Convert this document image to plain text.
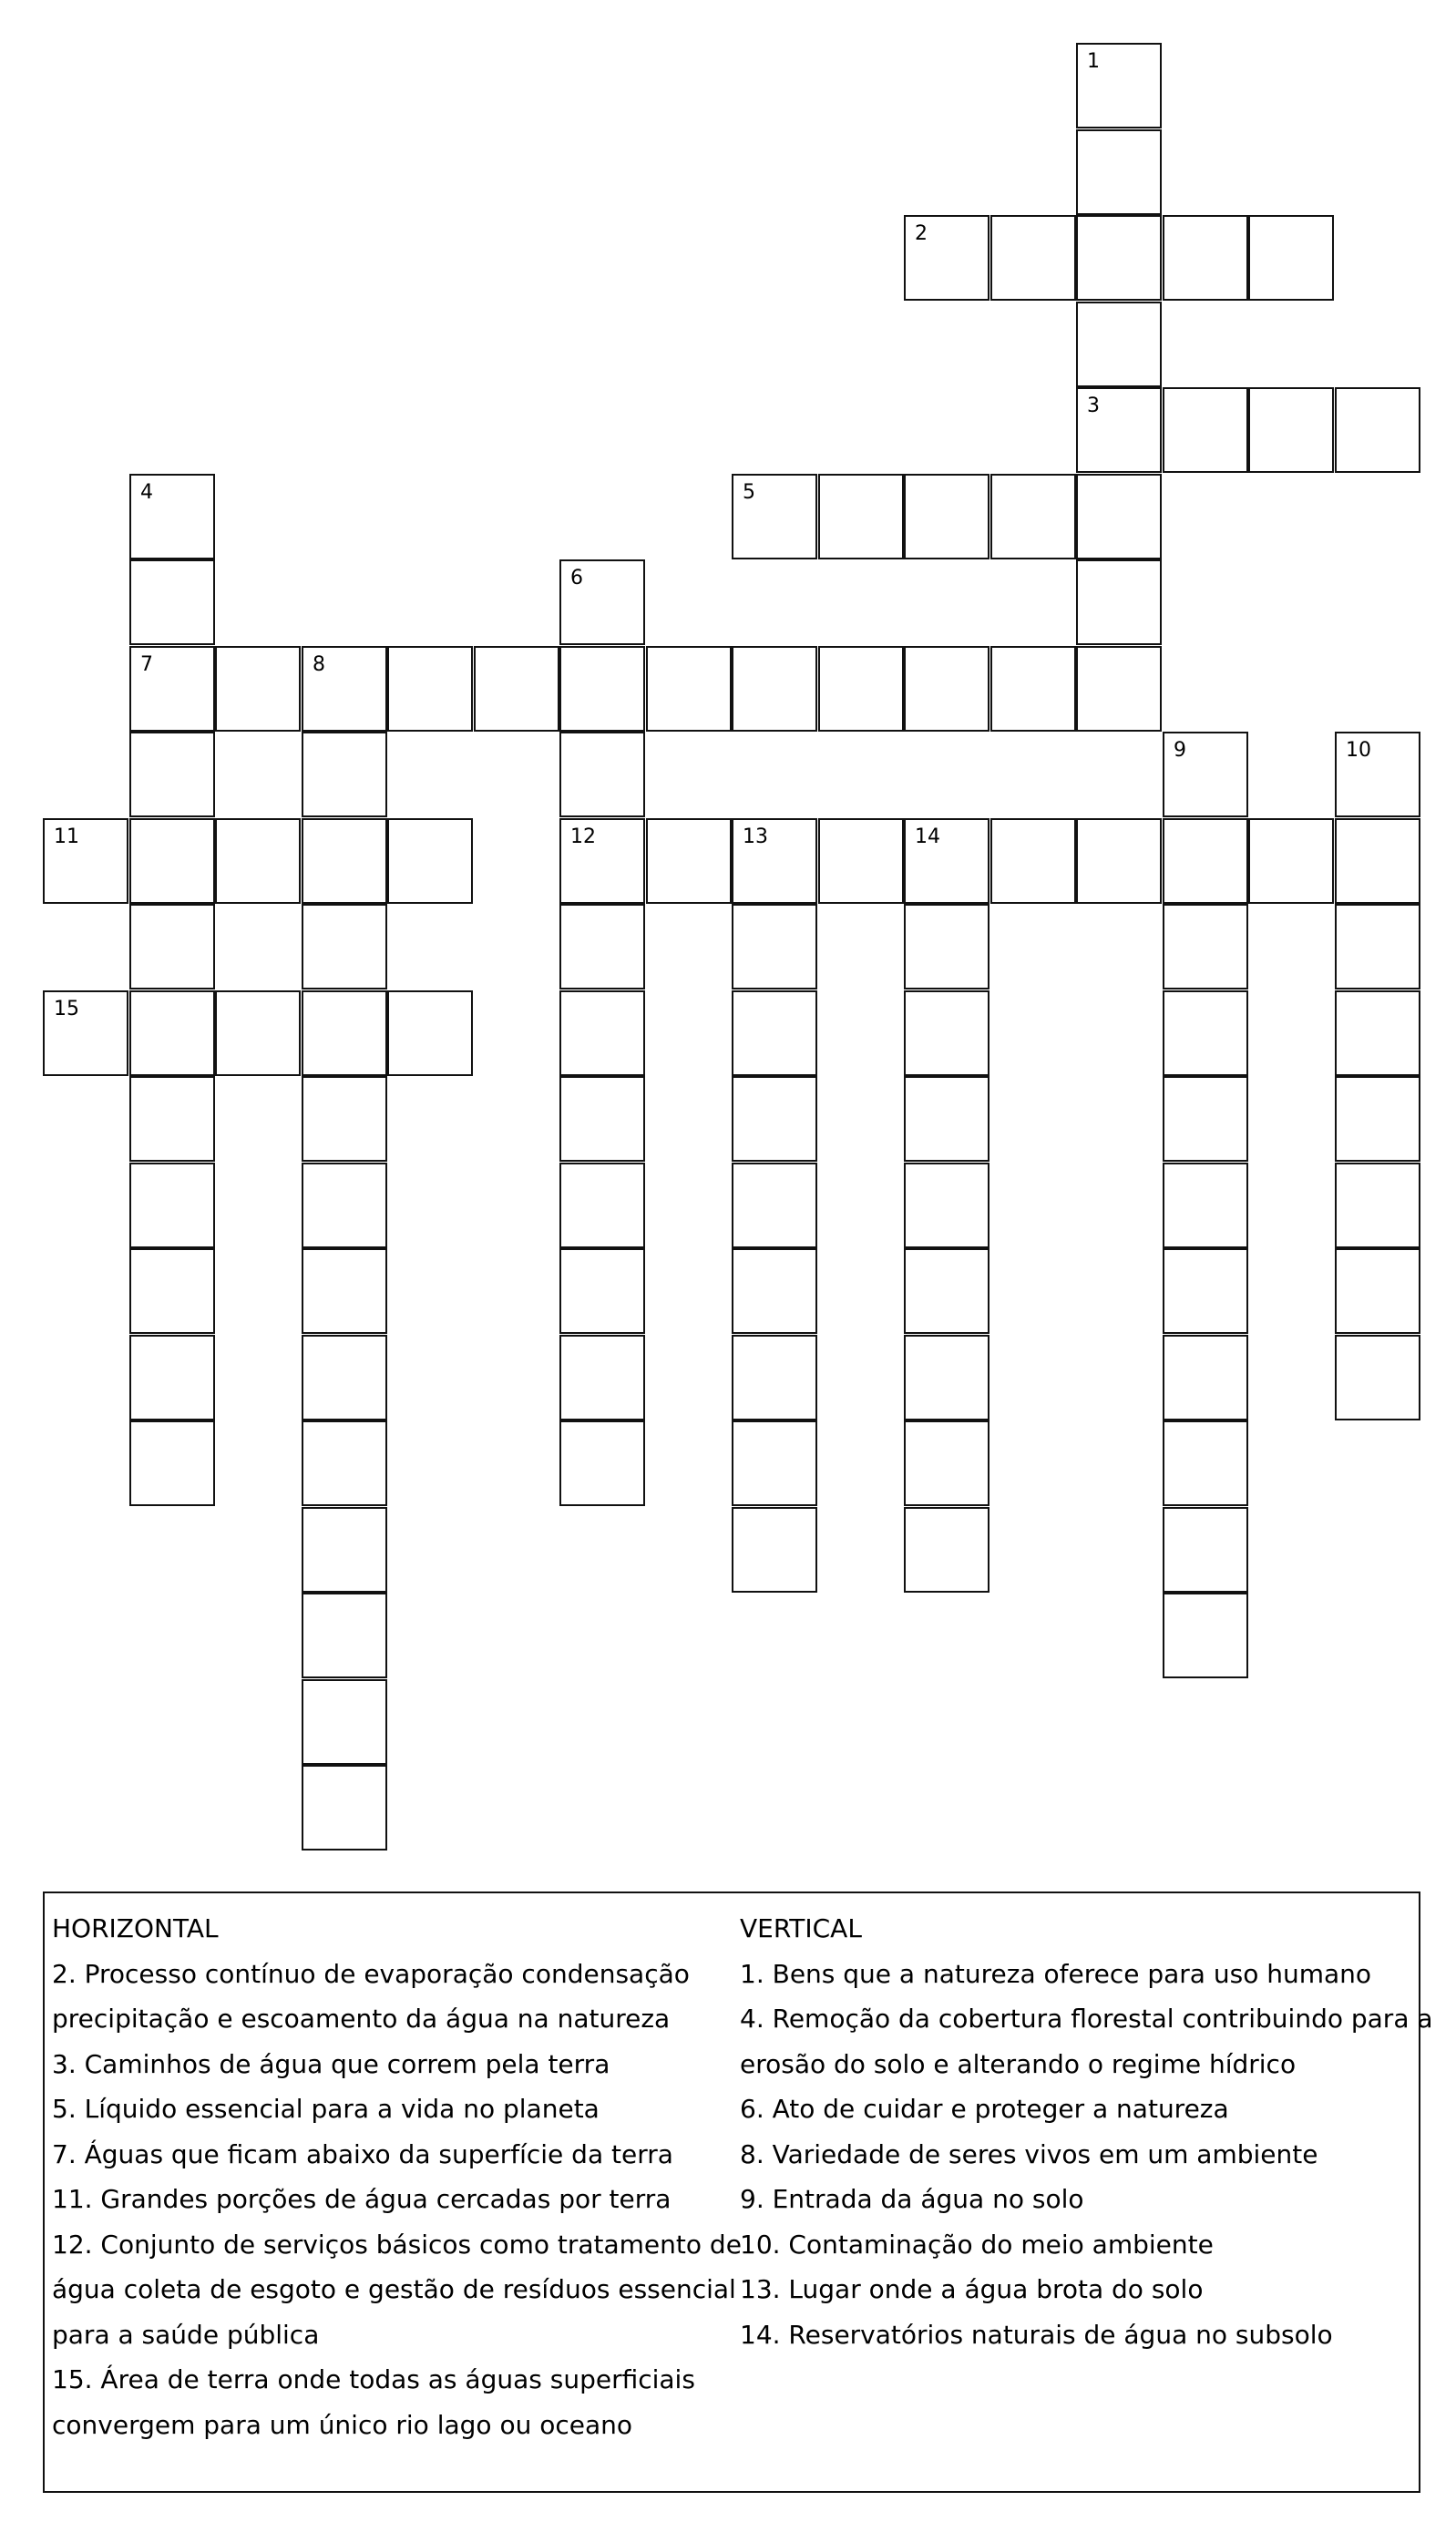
1
3
2
4
7
5
6
12
8
9	10
11	13	14
15
HORIZONTAL
2. Processo contínuo de evaporação condensação
precipitação e escoamento da água na natureza
3. Caminhos de água que correm pela terra
5. Líquido essencial para a vida no planeta
7. Águas que ficam abaixo da superfície da terra
11. Grandes porções de água cercadas por terra
12. Conjunto de serviços básicos como tratamento de
água coleta de esgoto e gestão de resíduos essencial
para a saúde pública
15. Área de terra onde todas as águas superficiais
convergem para um único rio lago ou oceano
VERTICAL
1. Bens que a natureza oferece para uso humano
4. Remoção da cobertura florestal contribuindo para a
erosão do solo e alterando o regime hídrico
6. Ato de cuidar e proteger a natureza
8. Variedade de seres vivos em um ambiente
9. Entrada da água no solo
10. Contaminação do meio ambiente
13. Lugar onde a água brota do solo
14. Reservatórios naturais de água no subsolo
